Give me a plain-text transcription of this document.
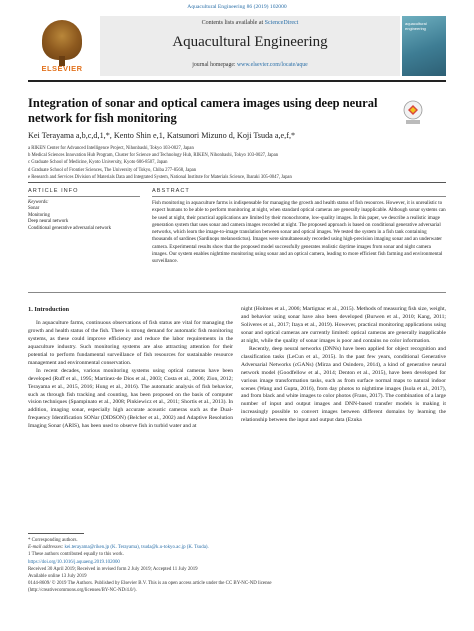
Aquacultural Engineering 86 (2019) 102000
ELSEVIER
Contents lists available at ScienceDirect
Aquacultural Engineering
journal homepage: www.elsevier.com/locate/aque
aquacultural engineering
Integration of sonar and optical camera images using deep neural network for fish monitoring
Kei Terayama a,b,c,d,1,*, Kento Shin e,1, Katsunori Mizuno d, Koji Tsuda a,e,f,*
a RIKEN Center for Advanced Intelligence Project, Nihonbashi, Tokyo 103-0027, Japan
b Medical Sciences Innovation Hub Program, Cluster for Science and Technology Hub, RIKEN, Nihonbashi, Tokyo 103-0027, Japan
c Graduate School of Medicine, Kyoto University, Kyoto 606-8507, Japan
d Graduate School of Frontier Sciences, The University of Tokyo, Chiba 277-8568, Japan
e Research and Services Division of Materials Data and Integrated System, National Institute for Materials Science, Ibaraki 305-0047, Japan
ARTICLE INFO	ABSTRACT
Keywords:
Sonar
Monitoring
Deep neural network
Conditional generative adversarial network
Fish monitoring in aquaculture farms is indispensable for managing the growth and health status of fish resources. However, it is unrealistic to expect humans to be able to perform monitoring at night, when standard optical cameras are generally inapplicable. Although sonar systems can be used at night, their practical applications are limited by their monochrome, low-quality images. In this paper, we describe a realistic image generation system that uses sonar and camera images recorded at night. The proposed approach is based on conditional generative adversarial networks, which learn the image-to-image translation between sonar and optical images. We tested the system in a fish tank containing thousands of sardines (Sardinops melanostictus). Images were simultaneously recorded using high-precision imaging sonar and an underwater camera. Experimental results show that the proposed model successfully generates realistic daytime images from sonar and night camera images. Our system enables nighttime monitoring using sonar and an optical camera, leading to more efficient fish farming and environmental surveillance.
1. Introduction
In aquaculture farms, continuous observations of fish status are vital for managing the growth and health status of the fish. There is strong demand for automatic fish monitoring systems, as these could improve efficiency and reduce the labor requirements in the aquaculture industry. Such monitoring systems are also attracting attention for their potential to perform fundamental surveillance of fish resources for sustainable resource management and environmental conservation.
In recent decades, various monitoring systems using optical cameras have been developed (Ruff et al., 1995; Martinez-de Dios et al., 2003; Costa et al., 2006; Zion, 2012; Terayama et al., 2015, 2016; Hung et al., 2016). The automatic analysis of fish behavior, such as through fish tracking and counting, has been proposed on the basis of computer vision techniques (Spampinato et al., 2008; Pinkiewicz et al., 2011; Shortis et al., 2013). In addition, imaging sonar, especially high accurate acoustic cameras such as the Dual-frequency Identification SONar (DIDSON) (Belcher et al., 2002) and Adaptive Resolution Imaging Sonar (ARIS), has been used to observe fish in turbid water and at
night (Holmes et al., 2006; Martignac et al., 2015). Methods of measuring fish size, weight, and behavior using sonar have also been developed (Burwen et al., 2010; Kang, 2011; Soliveres et al., 2017; Itaya et al., 2019). However, practical monitoring applications using sonar and optical cameras are currently limited: optical cameras are generally inapplicable at night, while the quality of sonar images is poor and contains no color information.
Recently, deep neural networks (DNNs) have been applied for object recognition and classification tasks (LeCun et al., 2015). In the past few years, conditional Generative Adversarial Networks (cGANs) (Mirza and Osindero, 2014), a kind of generative neural network model (Goodfellow et al., 2014; Denton et al., 2015), have been developed for various image transformation tasks, such as from surface normal maps to natural indoor scenes (Wang and Gupta, 2016), from day photos to nighttime images (Isola et al., 2017), and from black and white images to color photos (Frans, 2017). The combination of a large number of input and output images and DNN-based transfer models is making it increasingly possible to convert images between different domains by learning the relationship between the input and output data (Ezuka
* Corresponding authors.
E-mail addresses: kei.terayama@riken.jp (K. Terayama), tsuda@k.u-tokyo.ac.jp (K. Tsuda).
1 These authors contributed equally to this work.
https://doi.org/10.1016/j.aquaeng.2019.102000
Received 30 April 2019; Received in revised form 2 July 2019; Accepted 11 July 2019
Available online 13 July 2019
0144-8609/ © 2019 The Authors. Published by Elsevier B.V. This is an open access article under the CC BY-NC-ND license
(http://creativecommons.org/licenses/BY-NC-ND/4.0/).
